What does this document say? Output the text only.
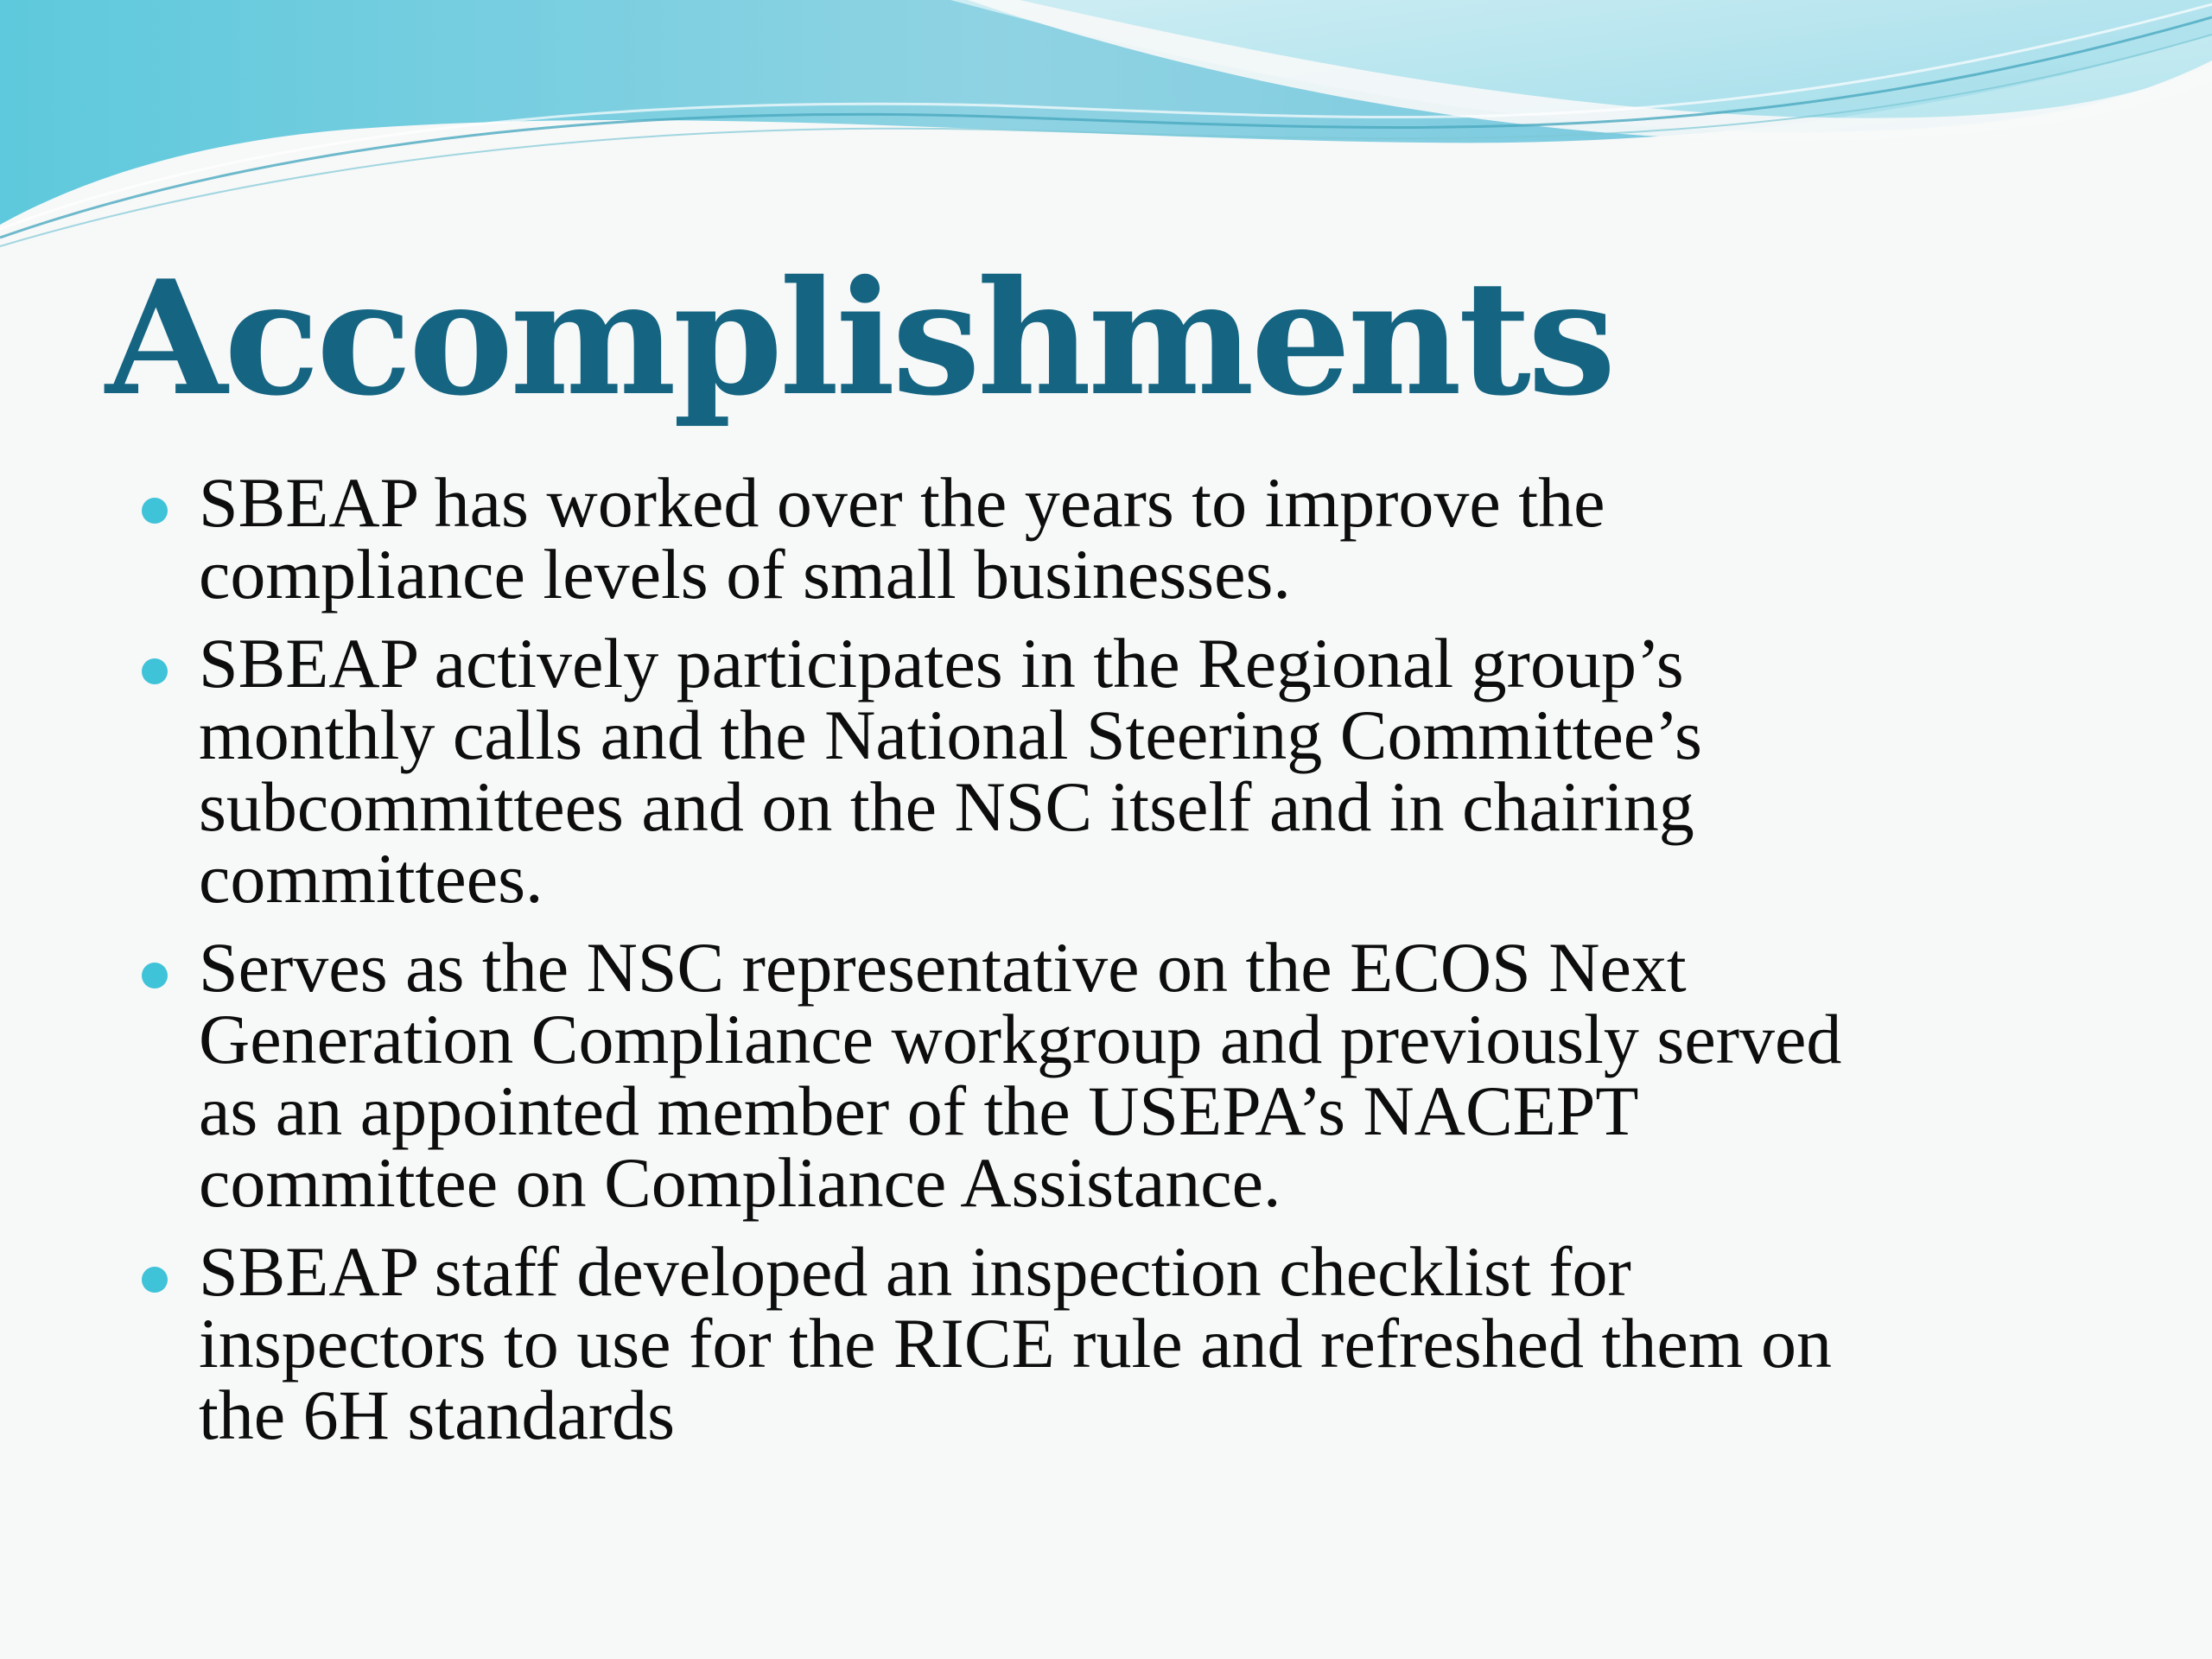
Accomplishments
SBEAP has worked over the years to improve the
compliance levels of small businesses.
SBEAP actively participates in the Regional group’s
monthly calls and the National Steering Committee’s
subcommittees and on the NSC itself and in chairing
committees.
Serves as the NSC representative on the ECOS Next
Generation Compliance workgroup and previously served
as an appointed member of the USEPA’s NACEPT
committee on Compliance Assistance.
SBEAP staff developed an inspection checklist for
inspectors to use for the RICE rule and refreshed them on
the 6H standards
